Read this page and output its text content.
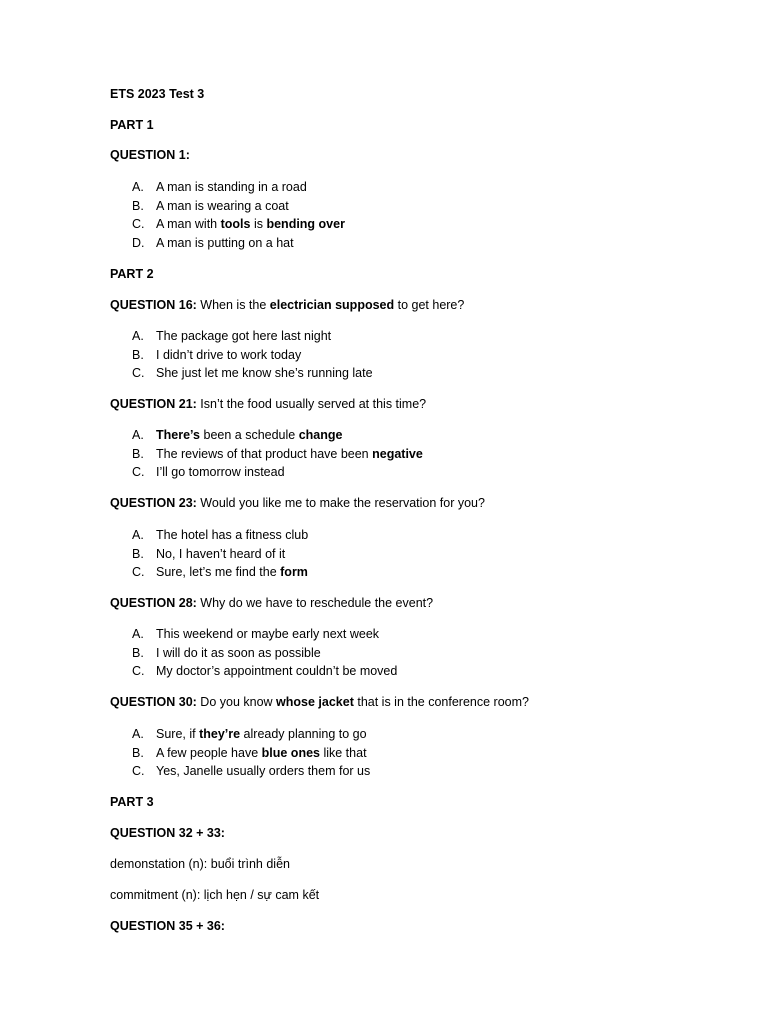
ETS 2023 Test 3
PART 1
QUESTION 1:
A. A man is standing in a road
B. A man is wearing a coat
C. A man with tools is bending over
D. A man is putting on a hat
PART 2
QUESTION 16: When is the electrician supposed to get here?
A. The package got here last night
B. I didn’t drive to work today
C. She just let me know she’s running late
QUESTION 21: Isn’t the food usually served at this time?
A. There’s been a schedule change
B. The reviews of that product have been negative
C. I’ll go tomorrow instead
QUESTION 23: Would you like me to make the reservation for you?
A. The hotel has a fitness club
B. No, I haven’t heard of it
C. Sure, let’s me find the form
QUESTION 28: Why do we have to reschedule the event?
A. This weekend or maybe early next week
B. I will do it as soon as possible
C. My doctor’s appointment couldn’t be moved
QUESTION 30: Do you know whose jacket that is in the conference room?
A. Sure, if they’re already planning to go
B. A few people have blue ones like that
C. Yes, Janelle usually orders them for us
PART 3
QUESTION 32 + 33:
demonstation (n): buổi trình diễn
commitment (n): lịch hẹn / sự cam kết
QUESTION 35 + 36:
